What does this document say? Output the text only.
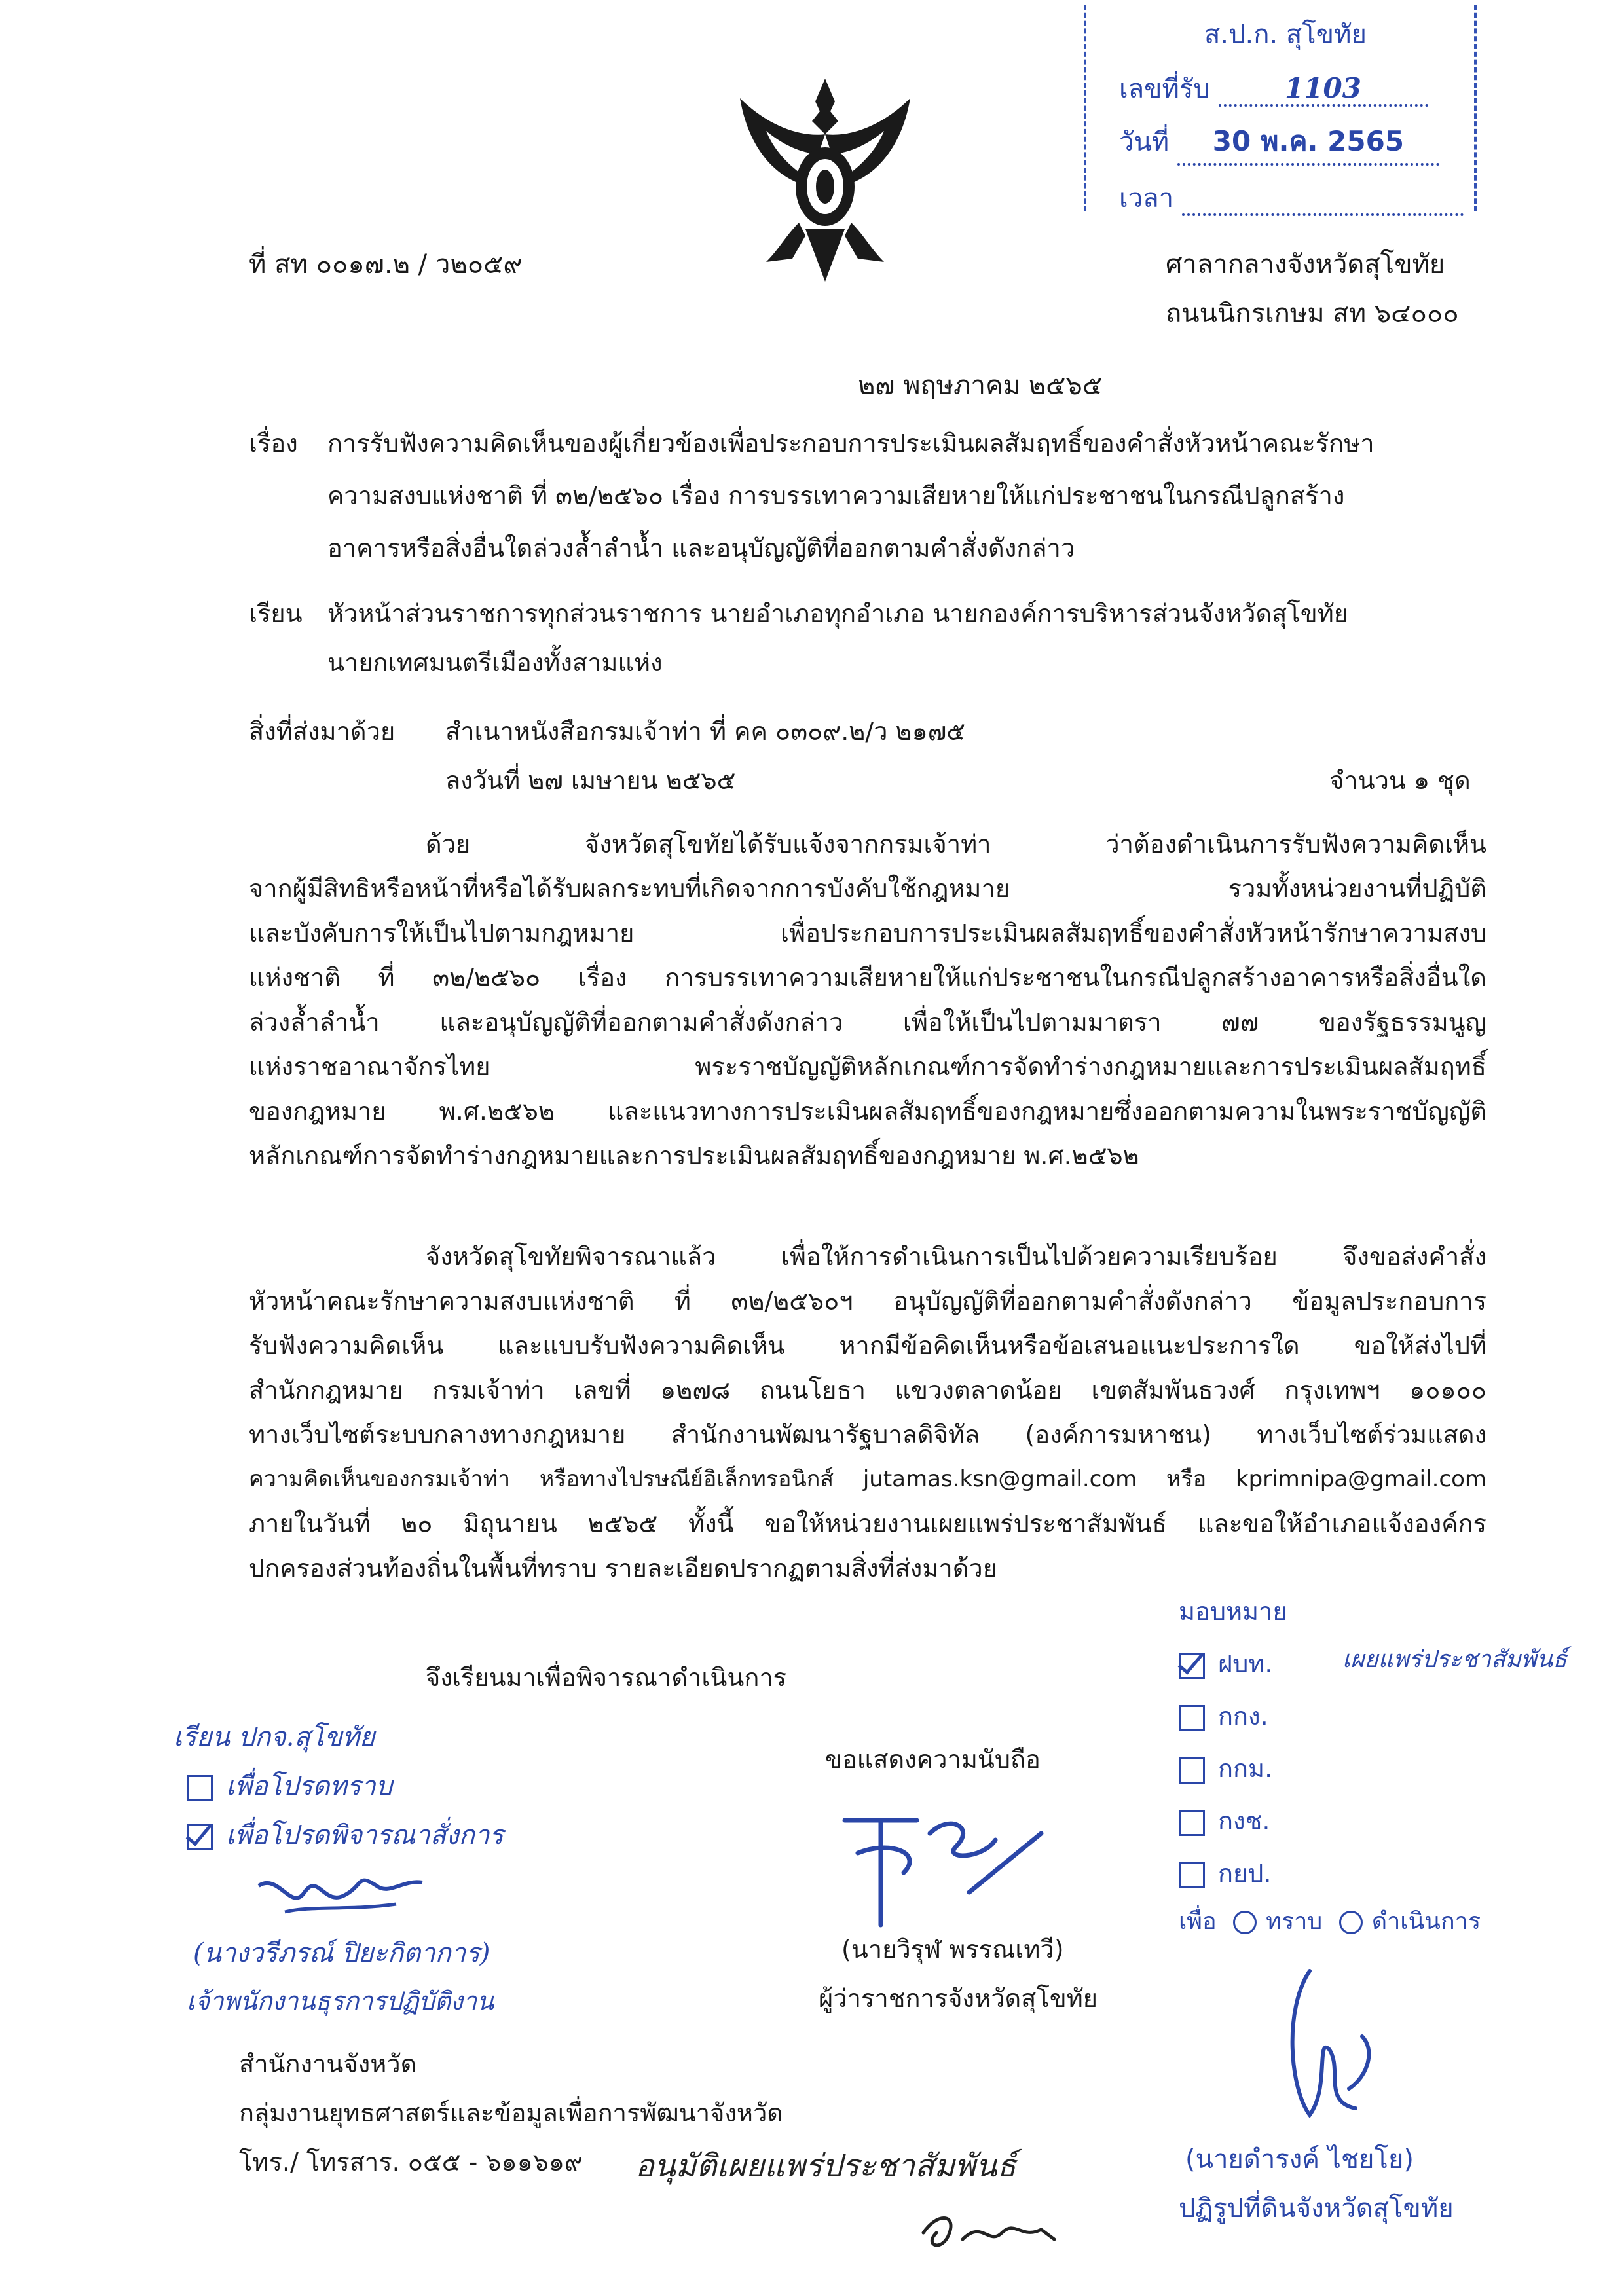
ส.ป.ก. สุโขทัย
เลขที่รับ	1103
วันที่ 30 พ.ค. 2565
เวลา
ที่ สท ๐๐๑๗.๒ / ว๒๐๕๙	ศาลากลางจังหวัดสุโขทัย
ถนนนิกรเกษม สท ๖๔๐๐๐
๒๗ พฤษภาคม ๒๕๖๕
เรื่อง การรับฟังความคิดเห็นของผู้เกี่ยวข้องเพื่อประกอบการประเมินผลสัมฤทธิ์ของคำสั่งหัวหน้าคณะรักษา
ความสงบแห่งชาติ ที่ ๓๒/๒๕๖๐ เรื่อง การบรรเทาความเสียหายให้แก่ประชาชนในกรณีปลูกสร้าง
อาคารหรือสิ่งอื่นใดล่วงล้ำลำน้ำ และอนุบัญญัติที่ออกตามคำสั่งดังกล่าว
เรียน หัวหน้าส่วนราชการทุกส่วนราชการ นายอำเภอทุกอำเภอ นายกองค์การบริหารส่วนจังหวัดสุโขทัย
นายกเทศมนตรีเมืองทั้งสามแห่ง
สิ่งที่ส่งมาด้วย สำเนาหนังสือกรมเจ้าท่า ที่ คค ๐๓๐๙.๒/ว ๒๑๗๕
ลงวันที่ ๒๗ เมษายน ๒๕๖๕	จำนวน ๑ ชุด
ด้วย จังหวัดสุโขทัยได้รับแจ้งจากกรมเจ้าท่า ว่าต้องดำเนินการรับฟังความคิดเห็น
จากผู้มีสิทธิหรือหน้าที่หรือได้รับผลกระทบที่เกิดจากการบังคับใช้กฎหมาย รวมทั้งหน่วยงานที่ปฏิบัติ
และบังคับการให้เป็นไปตามกฎหมาย เพื่อประกอบการประเมินผลสัมฤทธิ์ของคำสั่งหัวหน้ารักษาความสงบ
แห่งชาติ ที่ ๓๒/๒๕๖๐ เรื่อง การบรรเทาความเสียหายให้แก่ประชาชนในกรณีปลูกสร้างอาคารหรือสิ่งอื่นใด
ล่วงล้ำลำน้ำ และอนุบัญญัติที่ออกตามคำสั่งดังกล่าว เพื่อให้เป็นไปตามมาตรา ๗๗ ของรัฐธรรมนูญ
แห่งราชอาณาจักรไทย พระราชบัญญัติหลักเกณฑ์การจัดทำร่างกฎหมายและการประเมินผลสัมฤทธิ์
ของกฎหมาย พ.ศ.๒๕๖๒ และแนวทางการประเมินผลสัมฤทธิ์ของกฎหมายซึ่งออกตามความในพระราชบัญญัติ
หลักเกณฑ์การจัดทำร่างกฎหมายและการประเมินผลสัมฤทธิ์ของกฎหมาย พ.ศ.๒๕๖๒
จังหวัดสุโขทัยพิจารณาแล้ว เพื่อให้การดำเนินการเป็นไปด้วยความเรียบร้อย จึงขอส่งคำสั่ง
หัวหน้าคณะรักษาความสงบแห่งชาติ ที่ ๓๒/๒๕๖๐ฯ อนุบัญญัติที่ออกตามคำสั่งดังกล่าว ข้อมูลประกอบการ
รับฟังความคิดเห็น และแบบรับฟังความคิดเห็น หากมีข้อคิดเห็นหรือข้อเสนอแนะประการใด ขอให้ส่งไปที่
สำนักกฎหมาย กรมเจ้าท่า เลขที่ ๑๒๗๘ ถนนโยธา แขวงตลาดน้อย เขตสัมพันธวงศ์ กรุงเทพฯ ๑๐๑๐๐
ทางเว็บไซต์ระบบกลางทางกฎหมาย สำนักงานพัฒนารัฐบาลดิจิทัล (องค์การมหาชน) ทางเว็บไซต์ร่วมแสดง
ความคิดเห็นของกรมเจ้าท่า หรือทางไปรษณีย์อิเล็กทรอนิกส์ jutamas.ksn@gmail.com หรือ kprimnipa@gmail.com
ภายในวันที่ ๒๐ มิถุนายน ๒๕๖๕ ทั้งนี้ ขอให้หน่วยงานเผยแพร่ประชาสัมพันธ์ และขอให้อำเภอแจ้งองค์กร
ปกครองส่วนท้องถิ่นในพื้นที่ทราบ รายละเอียดปรากฏตามสิ่งที่ส่งมาด้วย
จึงเรียนมาเพื่อพิจารณาดำเนินการ
เรียน ปกจ.สุโขทัย
เพื่อโปรดทราบ
เพื่อโปรดพิจารณาสั่งการ
(นางวรีภรณ์ ปิยะกิตาการ)
เจ้าพนักงานธุรการปฏิบัติงาน
ขอแสดงความนับถือ
(นายวิรุฬ พรรณเทวี)
ผู้ว่าราชการจังหวัดสุโขทัย
มอบหมาย
ฝบท.	เผยแพร่ประชาสัมพันธ์
กกง.
กกม.
กงช.
กยป.
เพื่อ ทราบ ดำเนินการ
(นายดำรงค์ ไชยโย)
ปฏิรูปที่ดินจังหวัดสุโขทัย
สำนักงานจังหวัด
กลุ่มงานยุทธศาสตร์และข้อมูลเพื่อการพัฒนาจังหวัด
โทร./ โทรสาร. ๐๕๕ - ๖๑๑๖๑๙ อนุมัติเผยแพร่ประชาสัมพันธ์
